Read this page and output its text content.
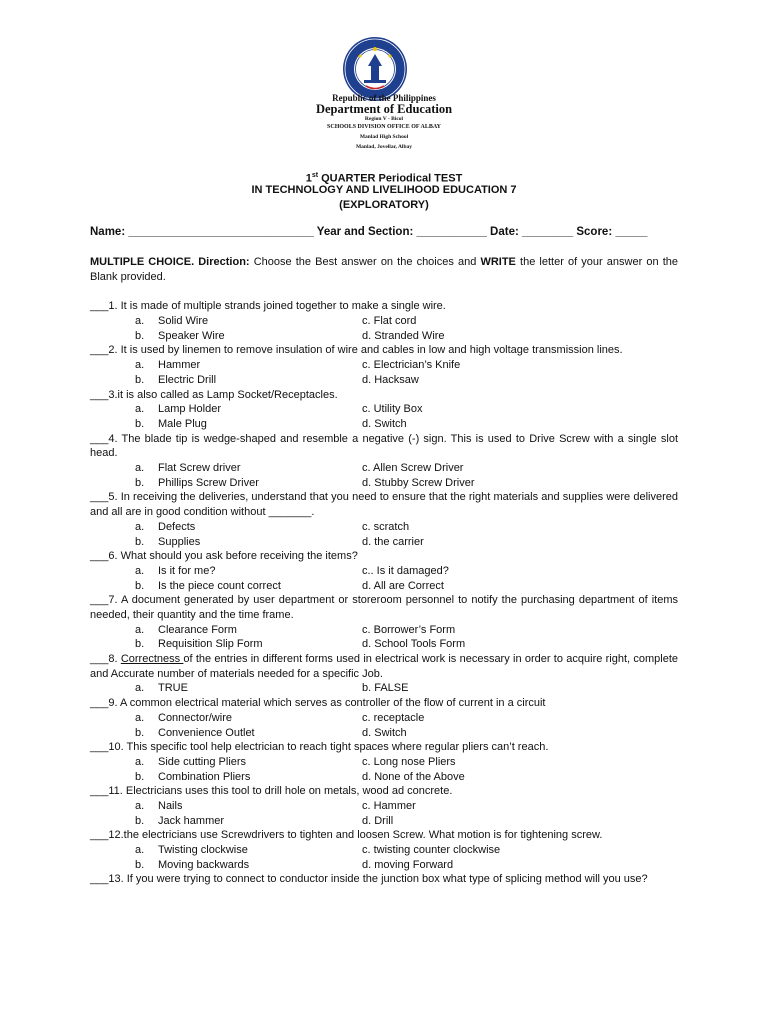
Republic of the Philippines
Department of Education
Region V - Bicol
SCHOOLS DIVISION OFFICE OF ALBAY
Manlad High School
Manlad, Jovellar, Albay
1st QUARTER Periodical TEST
IN TECHNOLOGY AND LIVELIHOOD EDUCATION 7
(EXPLORATORY)
Name: _____________________________ Year and Section: ___________ Date: ________ Score: _____

MULTIPLE CHOICE. Direction: Choose the Best answer on the choices and WRITE the letter of your answer on the Blank provided.

___1. It is made of multiple strands joined together to make a single wire.

a. Solid Wire	c. Flat cord
b. Speaker Wire	d. Stranded Wire

___2. It is used by linemen to remove insulation of wire and cables in low and high voltage transmission lines.

a. Hammer	c. Electrician’s Knife
b. Electric Drill	d. Hacksaw

___3.it is also called as Lamp Socket/Receptacles.

a. Lamp Holder	c. Utility Box
b. Male Plug	d. Switch

___4. The blade tip is wedge-shaped and resemble a negative (-) sign. This is used to Drive Screw with a single slot head.

a. Flat Screw driver	c. Allen Screw Driver
b. Phillips Screw Driver	d. Stubby Screw Driver

___5. In receiving the deliveries, understand that you need to ensure that the right materials and supplies were delivered and all are in good condition without _______.

a. Defects	c. scratch
b. Supplies	d. the carrier

___6. What should you ask before receiving the items?

a. Is it for me?	c.. Is it damaged?
b. Is the piece count correct	d. All are Correct

___7. A document generated by user department or storeroom personnel to notify the purchasing department of items needed, their quantity and the time frame.

a. Clearance Form	c. Borrower’s Form
b. Requisition Slip Form	d. School Tools Form

___8. Correctness of the entries in different forms used in electrical work is necessary in order to acquire right, complete and Accurate number of materials needed for a specific Job.

a. TRUE	b. FALSE

___9. A common electrical material which serves as controller of the flow of current in a circuit

a. Connector/wire	c. receptacle
b. Convenience Outlet	d. Switch

___10. This specific tool help electrician to reach tight spaces where regular pliers can’t reach.

a. Side cutting Pliers	c. Long nose Pliers
b. Combination Pliers	d. None of the Above

___11. Electricians uses this tool to drill hole on metals, wood ad concrete.

a. Nails	c. Hammer
b. Jack hammer	d. Drill

___12.the electricians use Screwdrivers to tighten and loosen Screw. What motion is for tightening screw.

a. Twisting clockwise	c. twisting counter clockwise
b. Moving backwards	d. moving Forward

___13. If you were trying to connect to conductor inside the junction box what type of splicing method will you use?
